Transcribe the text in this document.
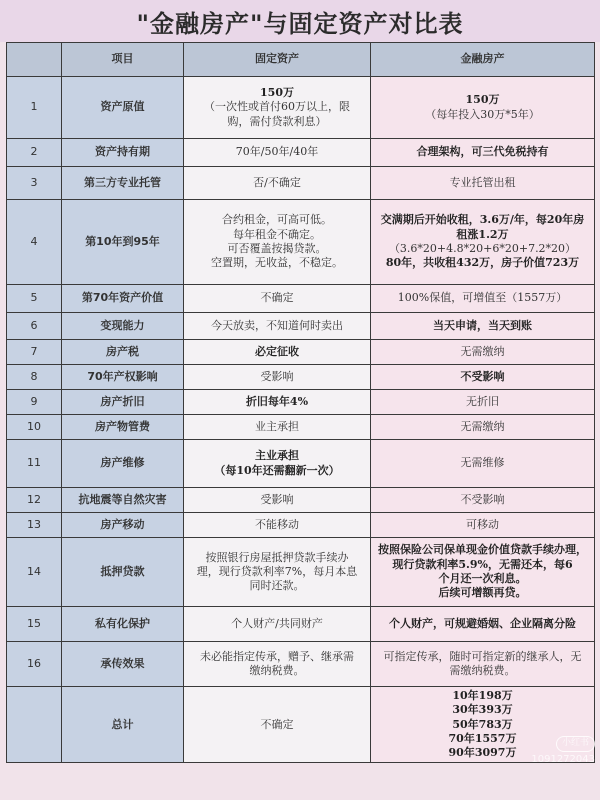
"金融房产"与固定资产对比表
	项目	固定资产	金融房产
1	资产原值	150万
（一次性或首付60万以上，限
购，需付贷款利息）	150万
（每年投入30万*5年）

2	资产持有期	70年/50年/40年	合理架构，可三代免税持有

3	第三方专业托管	否/不确定	专业托管出租

4	第10年到95年	合约租金，可高可低。
每年租金不确定。
可否覆盖按揭贷款。
空置期，无收益，不稳定。	交满期后开始收租，3.6万/年，每20年房
租涨1.2万
（3.6*20+4.8*20+6*20+7.2*20）
80年，共收租432万，房子价值723万

5	第70年资产价值	不确定	100%保值，可增值至（1557万）

6	变现能力	今天放卖，不知道何时卖出	当天申请，当天到账

7	房产税	必定征收	无需缴纳

8	70年产权影响	受影响	不受影响

9	房产折旧	折旧每年4%	无折旧

10	房产物管费	业主承担	无需缴纳

11	房产维修	主业承担
（每10年还需翻新一次）	无需维修

12	抗地震等自然灾害	受影响	不受影响

13	房产移动	不能移动	可移动

14	抵押贷款	按照银行房屋抵押贷款手续办
理，现行贷款利率7%，每月本息
同时还款。	按照保险公司保单现金价值贷款手续办理，
现行贷款利率5.9%，无需还本，每6
个月还一次利息。
后续可增额再贷。

15	私有化保护	个人财产/共同财产	个人财产，可规避婚姻、企业隔离分险

16	承传效果	未必能指定传承，赠予、继承需
缴纳税费。	可指定传承，随时可指定新的继承人，无
需缴纳税费。

	总计	不确定	10年198万
30年393万
50年783万
70年1557万
90年3097万
小红书
1091272043
